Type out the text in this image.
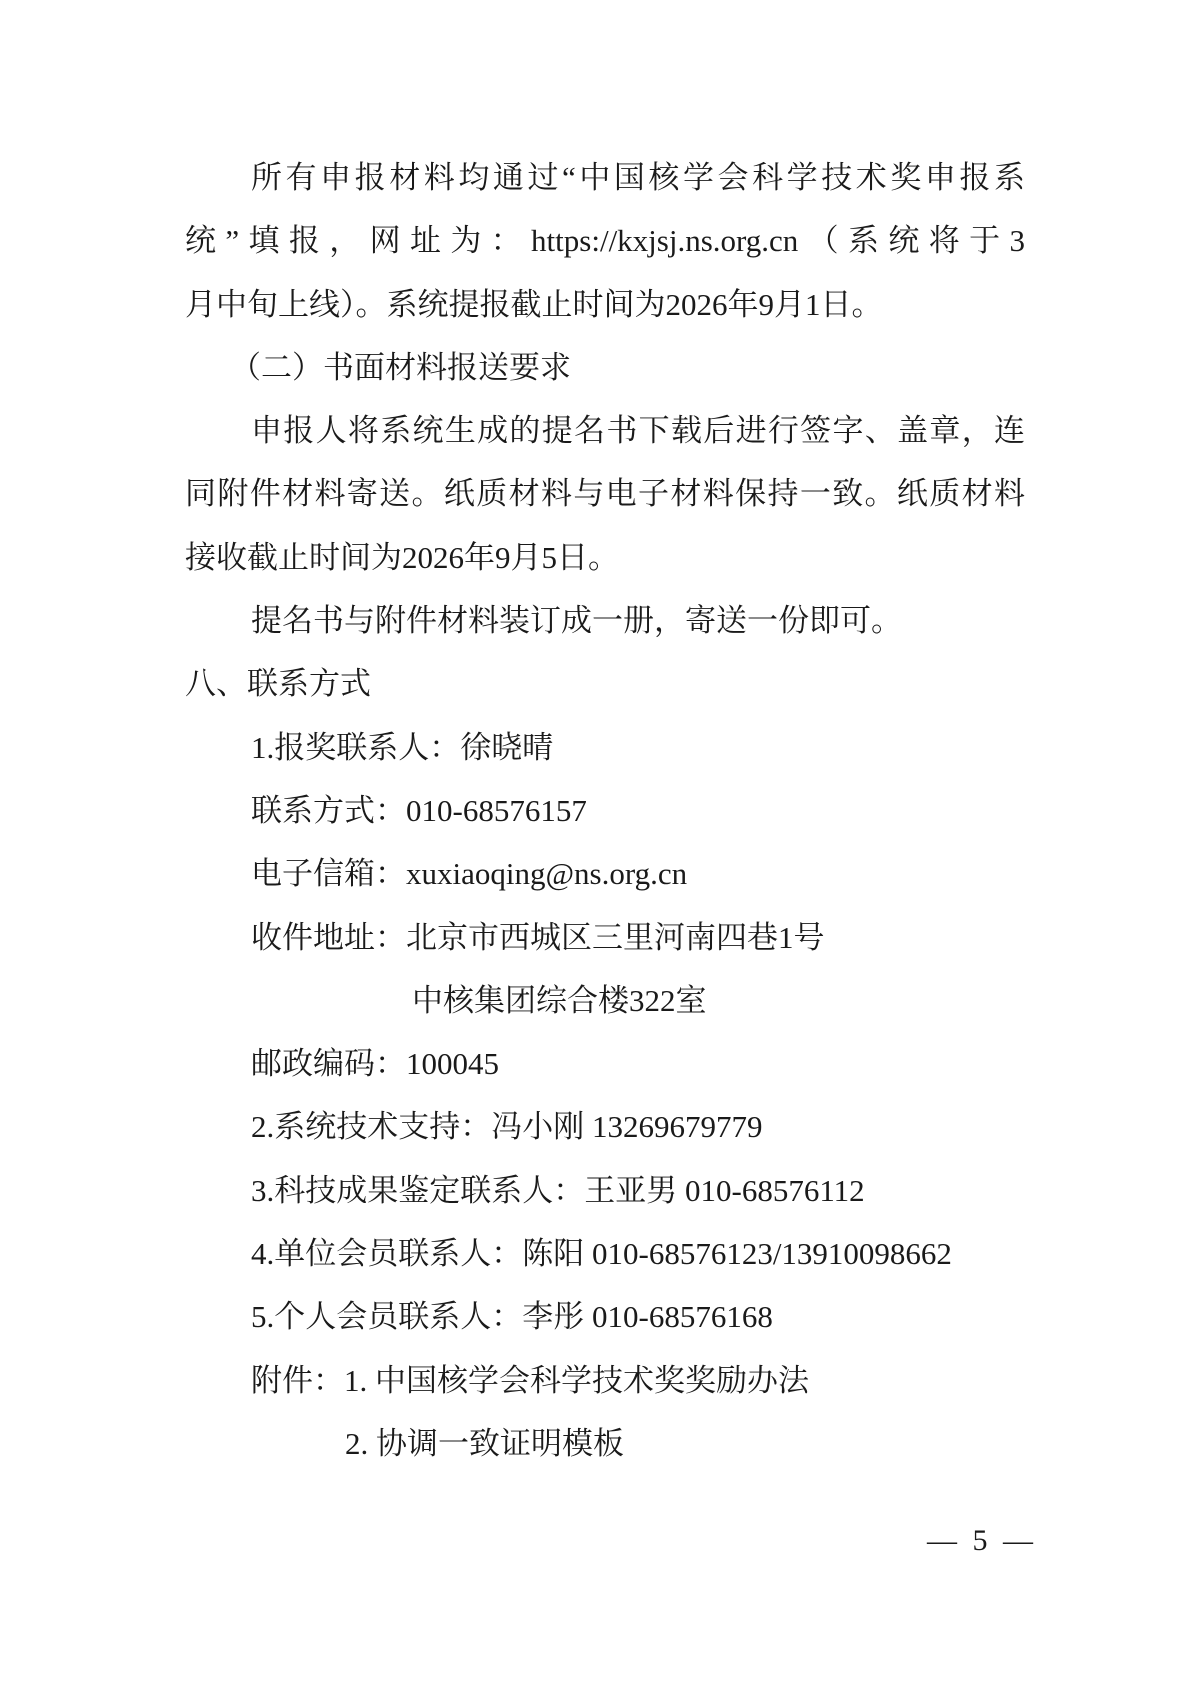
所有申报材料均通过“中国核学会科学技术奖申报系
统”填报，网址为：https://kxjsj.ns.org.cn（系统将于3
月中旬上线）。系统提报截止时间为2026年9月1日。
（二）书面材料报送要求
申报人将系统生成的提名书下载后进行签字、盖章，连
同附件材料寄送。纸质材料与电子材料保持一致。纸质材料
接收截止时间为2026年9月5日。
提名书与附件材料装订成一册，寄送一份即可。
八、联系方式
1.报奖联系人：徐晓晴
联系方式：010-68576157
电子信箱：xuxiaoqing@ns.org.cn
收件地址：北京市西城区三里河南四巷1号
中核集团综合楼322室
邮政编码：100045
2.系统技术支持：冯小刚 13269679779
3.科技成果鉴定联系人：王亚男 010-68576112
4.单位会员联系人：陈阳 010-68576123/13910098662
5.个人会员联系人：李彤 010-68576168
附件：1. 中国核学会科学技术奖奖励办法
2. 协调一致证明模板
— 5 —
